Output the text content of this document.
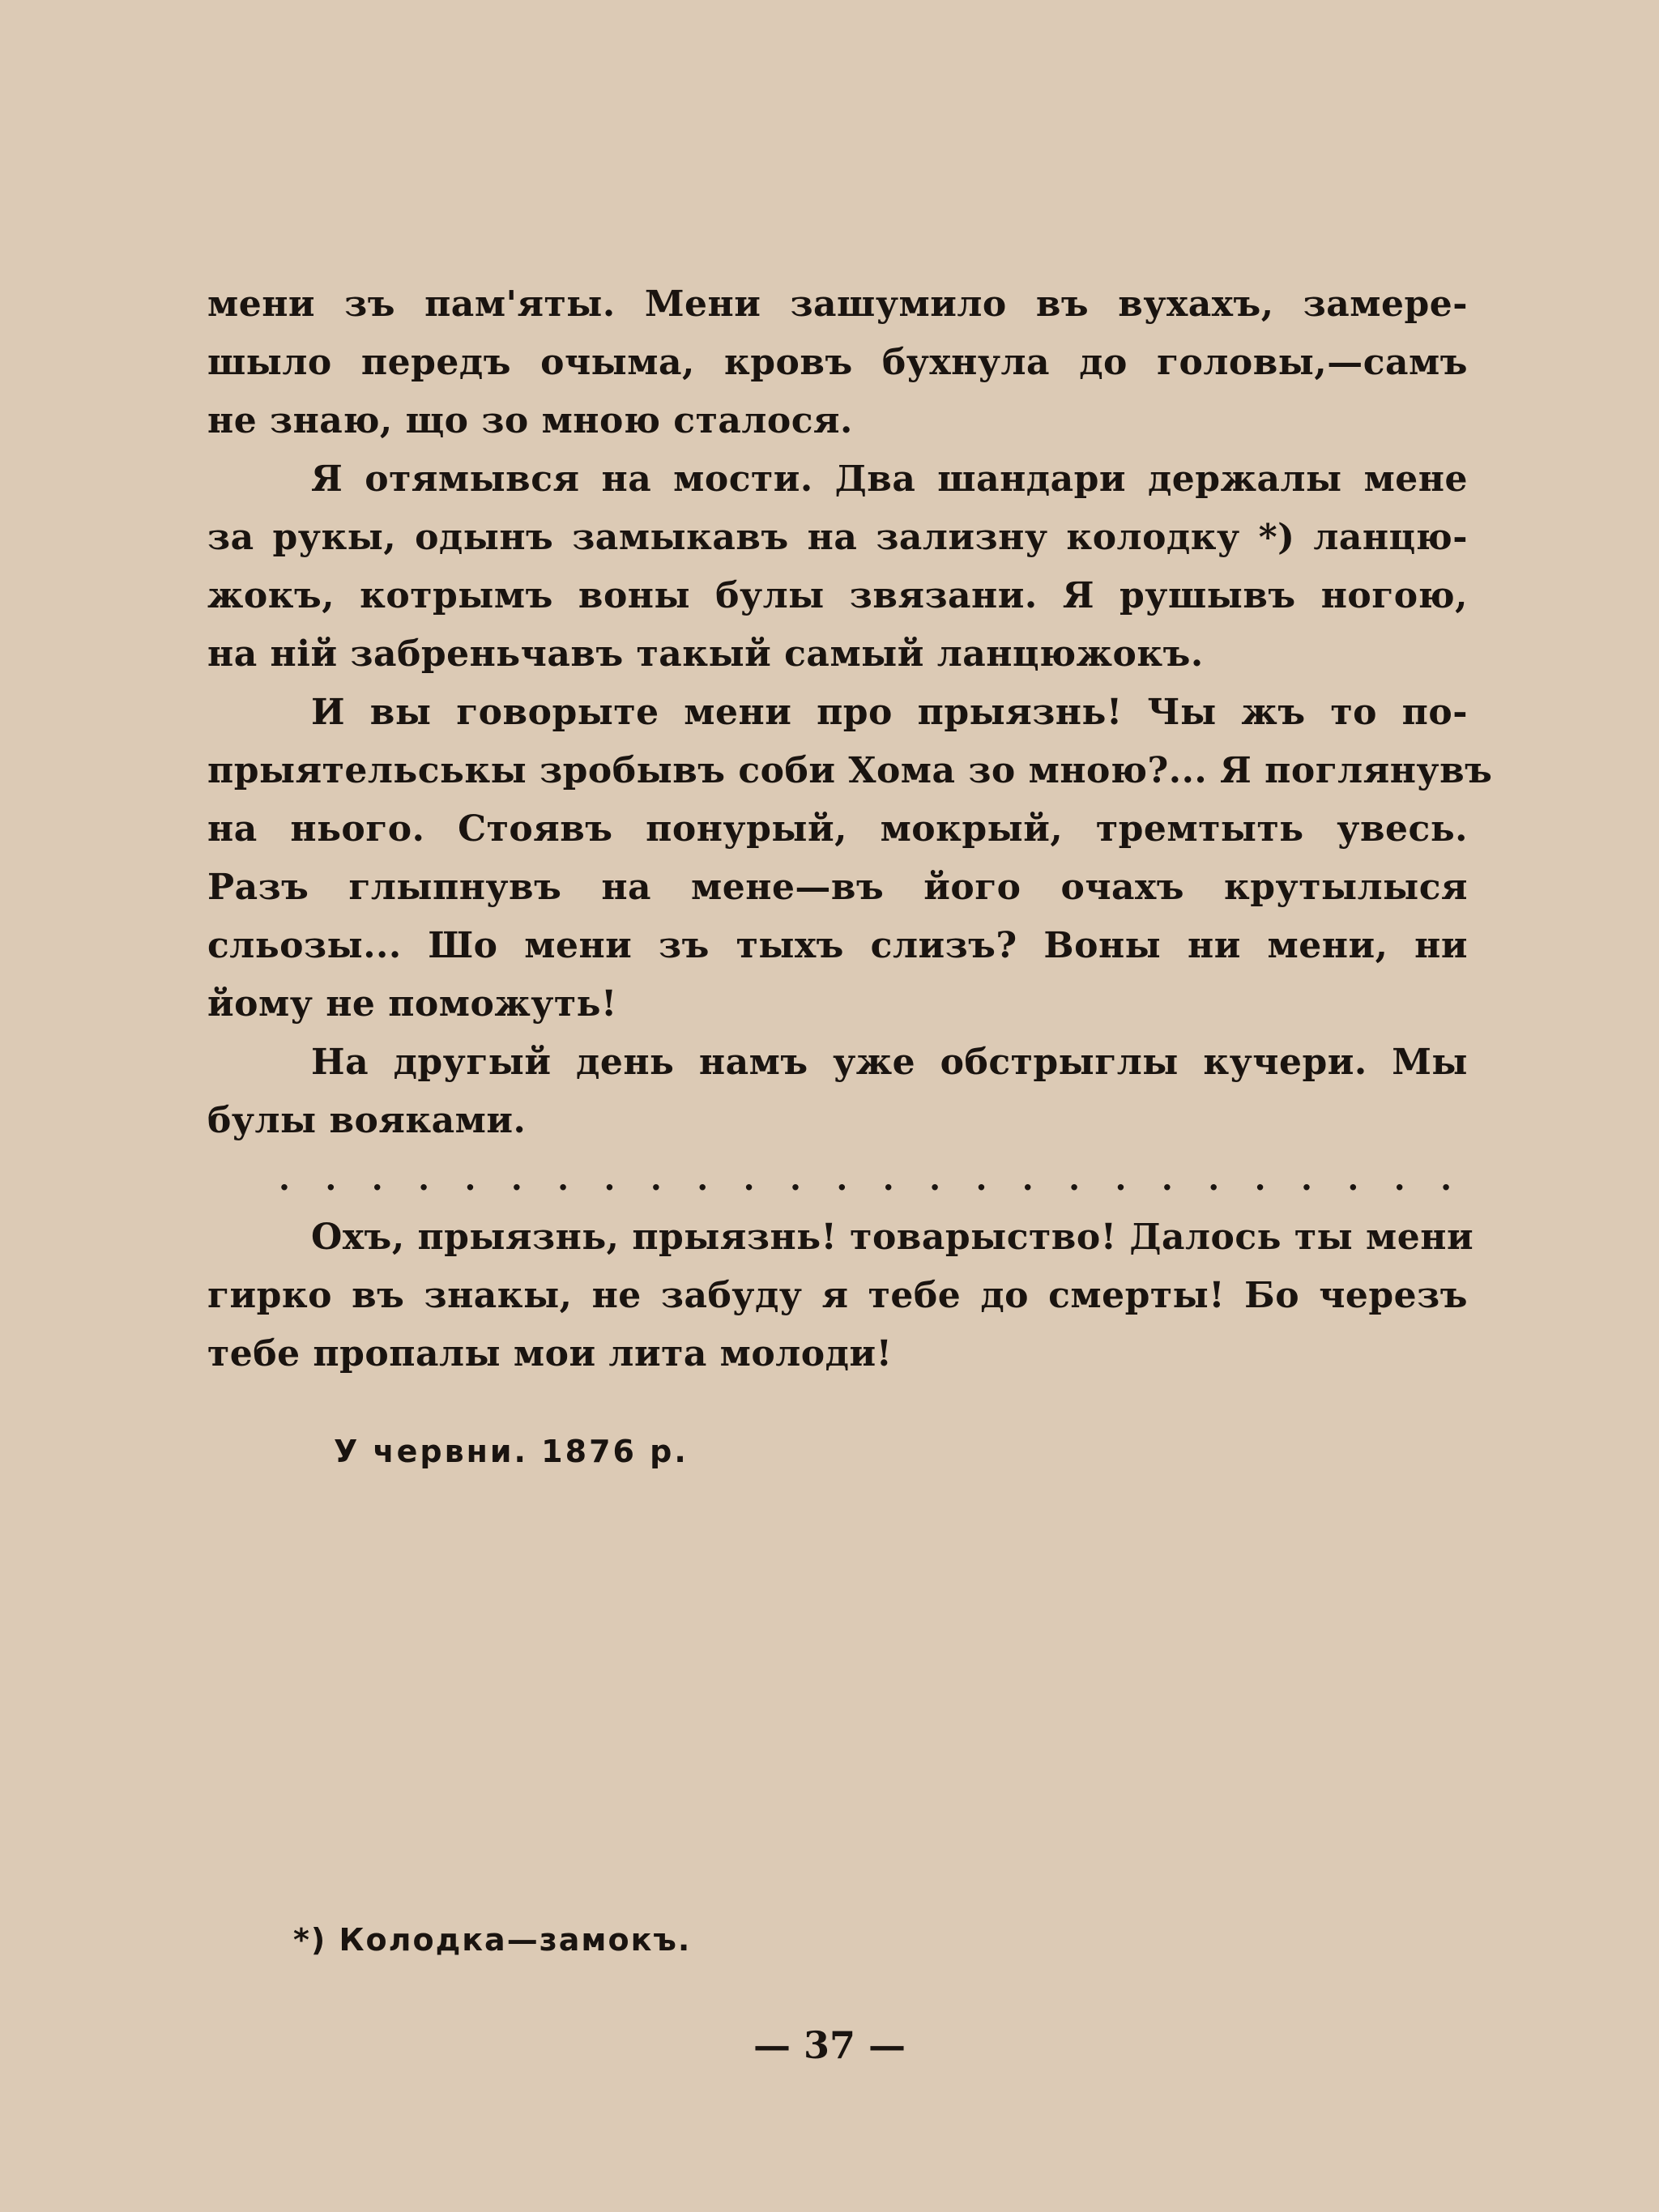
мени зъ пам'яты. Мени зашумило въ вухахъ, замере-
шыло передъ очыма, кровъ бухнула до головы,—самъ
не знаю, що зо мною сталося.
Я отямывся на мости. Два шандари держалы мене
за рукы, одынъ замыкавъ на зализну колодку *) ланцю-
жокъ, котрымъ воны булы звязани. Я рушывъ ногою,
на ній забреньчавъ такый самый ланцюжокъ.
И вы говорыте мени про прыязнь! Чы жъ то по-
прыятельськы зробывъ соби Хома зо мною?... Я поглянувъ
на нього. Стоявъ понурый, мокрый, тремтыть увесь.
Разъ глыпнувъ на мене—въ його очахъ крутылыся
сльозы... Шо мени зъ тыхъ слизъ? Воны ни мени, ни
йому не поможуть!
На другый день намъ уже обстрыглы кучери. Мы
булы вояками.
. . . . . . . . . . . . . . . . . . . . . . . . . .
Охъ, прыязнь, прыязнь! товарыство! Далось ты мени
гирко въ знакы, не забуду я тебе до смерты! Бо черезъ
тебе пропалы мои лита молоди!
У червни. 1876 р.
*) Колодка—замокъ.
— 37 —
